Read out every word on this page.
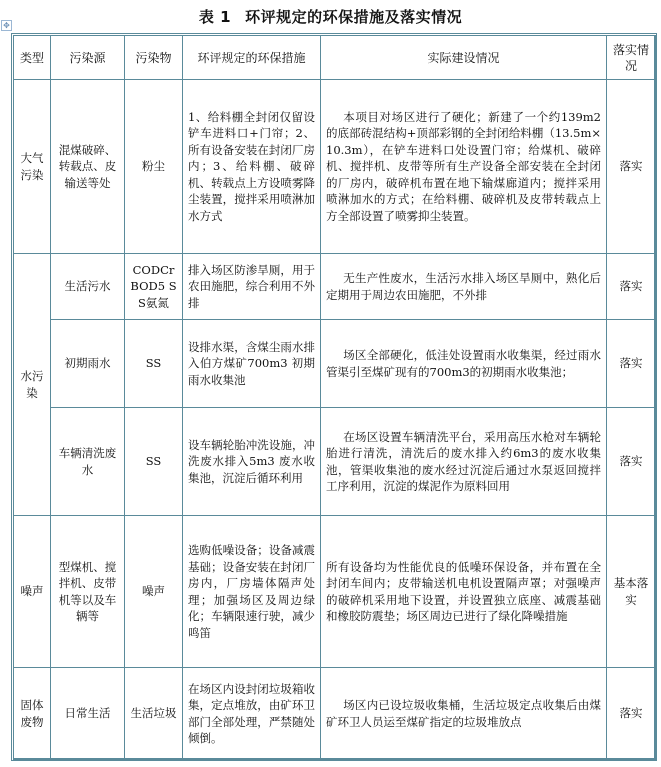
✥	表 1 环评规定的环保措施及落实情况
类型	污染源	污染物	环评规定的环保措施	实际建设情况	落实情况
大气污染	混煤破碎、转载点、皮输送等处	粉尘	1、给料棚全封闭仅留设铲车进料口+门帘；2、所有设备安装在封闭厂房内；3、给料棚、破碎机、转载点上方设喷雾降尘装置，搅拌采用喷淋加水方式	本项目对场区进行了硬化；新建了一个约139m2的底部砖混结构+顶部彩钢的全封闭给料棚（13.5m×10.3m），在铲车进料口处设置门帘；给煤机、破碎机、搅拌机、皮带等所有生产设备全部安装在全封闭的厂房内，破碎机布置在地下输煤廊道内；搅拌采用喷淋加水的方式；在给料棚、破碎机及皮带转载点上方全部设置了喷雾抑尘装置。	落实
水污染	生活污水	CODCr BOD5 SS氨氮	排入场区防渗旱厕，用于农田施肥，综合利用不外排	无生产性废水，生活污水排入场区旱厕中，熟化后定期用于周边农田施肥，不外排	落实
	初期雨水	SS	设排水渠，含煤尘雨水排入伯方煤矿700m3 初期雨水收集池	场区全部硬化，低洼处设置雨水收集渠，经过雨水管渠引至煤矿现有的700m3的初期雨水收集池；	落实
	车辆清洗废水	SS	设车辆轮胎冲洗设施，冲洗废水排入5m3 废水收集池，沉淀后循环利用	在场区设置车辆清洗平台，采用高压水枪对车辆轮胎进行清洗，清洗后的废水排入约6m3的废水收集池，管渠收集池的废水经过沉淀后通过水泵返回搅拌工序利用，沉淀的煤泥作为原料回用	落实
噪声	型煤机、搅拌机、皮带机等以及车辆等	噪声	选购低噪设备；设备减震基础；设备安装在封闭厂房内，厂房墙体隔声处理；加强场区及周边绿化；车辆限速行驶，减少鸣笛	所有设备均为性能优良的低噪环保设备，并布置在全封闭车间内；皮带输送机电机设置隔声罩；对强噪声的破碎机采用地下设置，并设置独立底座、减震基础和橡胶防震垫；场区周边已进行了绿化降噪措施	基本落实
固体废物	日常生活	生活垃圾	在场区内设封闭垃圾箱收集，定点堆放，由矿环卫部门全部处理，严禁随处倾倒。	场区内已设垃圾收集桶，生活垃圾定点收集后由煤矿环卫人员运至煤矿指定的垃圾堆放点	落实
